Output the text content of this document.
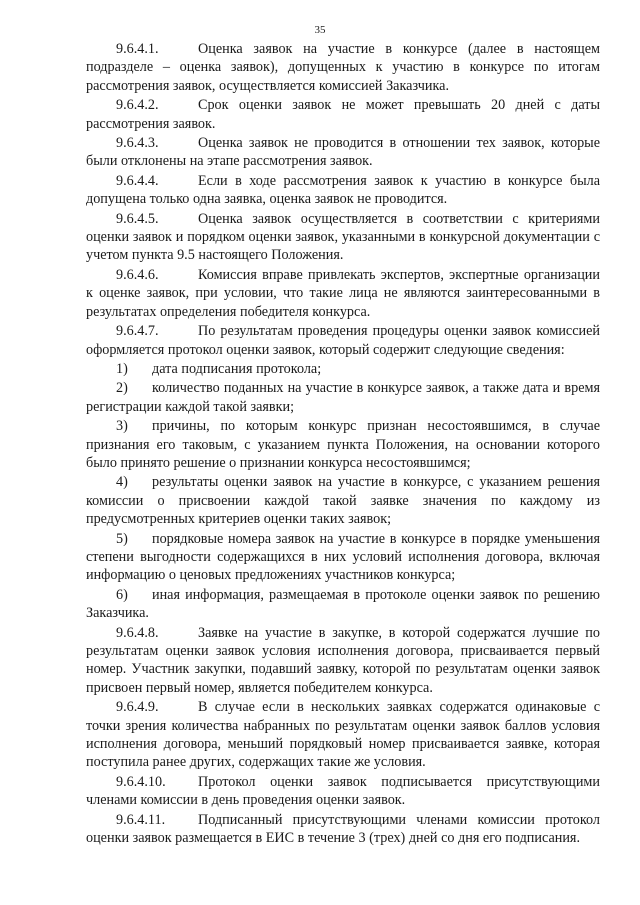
35

9.6.4.1.	Оценка заявок на участие в конкурсе (далее в настоящем подразделе – оценка заявок), допущенных к участию в конкурсе по итогам рассмотрения заявок, осуществляется комиссией Заказчика.

9.6.4.2.	Срок оценки заявок не может превышать 20 дней с даты рассмотрения заявок.

9.6.4.3.	Оценка заявок не проводится в отношении тех заявок, которые были отклонены на этапе рассмотрения заявок.

9.6.4.4.	Если в ходе рассмотрения заявок к участию в конкурсе была допущена только одна заявка, оценка заявок не проводится.

9.6.4.5.	Оценка заявок осуществляется в соответствии с критериями оценки заявок и порядком оценки заявок, указанными в конкурсной документации с учетом пункта 9.5 настоящего Положения.

9.6.4.6.	Комиссия вправе привлекать экспертов, экспертные организации к оценке заявок, при условии, что такие лица не являются заинтересованными в результатах определения победителя конкурса.

9.6.4.7.	По результатам проведения процедуры оценки заявок комиссией оформляется протокол оценки заявок, который содержит следующие сведения:

1) дата подписания протокола;

2) количество поданных на участие в конкурсе заявок, а также дата и время регистрации каждой такой заявки;

3) причины, по которым конкурс признан несостоявшимся, в случае признания его таковым, с указанием пункта Положения, на основании которого было принято решение о признании конкурса несостоявшимся;

4) результаты оценки заявок на участие в конкурсе, с указанием решения комиссии о присвоении каждой такой заявке значения по каждому из предусмотренных критериев оценки таких заявок;

5) порядковые номера заявок на участие в конкурсе в порядке уменьшения степени выгодности содержащихся в них условий исполнения договора, включая информацию о ценовых предложениях участников конкурса;

6) иная информация, размещаемая в протоколе оценки заявок по решению Заказчика.

9.6.4.8.	Заявке на участие в закупке, в которой содержатся лучшие по результатам оценки заявок условия исполнения договора, присваивается первый номер. Участник закупки, подавший заявку, которой по результатам оценки заявок присвоен первый номер, является победителем конкурса.

9.6.4.9.	В случае если в нескольких заявках содержатся одинаковые с точки зрения количества набранных по результатам оценки заявок баллов условия исполнения договора, меньший порядковый номер присваивается заявке, которая поступила ранее других, содержащих такие же условия.

9.6.4.10. Протокол оценки заявок подписывается присутствующими членами комиссии в день проведения оценки заявок.

9.6.4.11. Подписанный присутствующими членами комиссии протокол оценки заявок размещается в ЕИС в течение 3 (трех) дней со дня его подписания.
